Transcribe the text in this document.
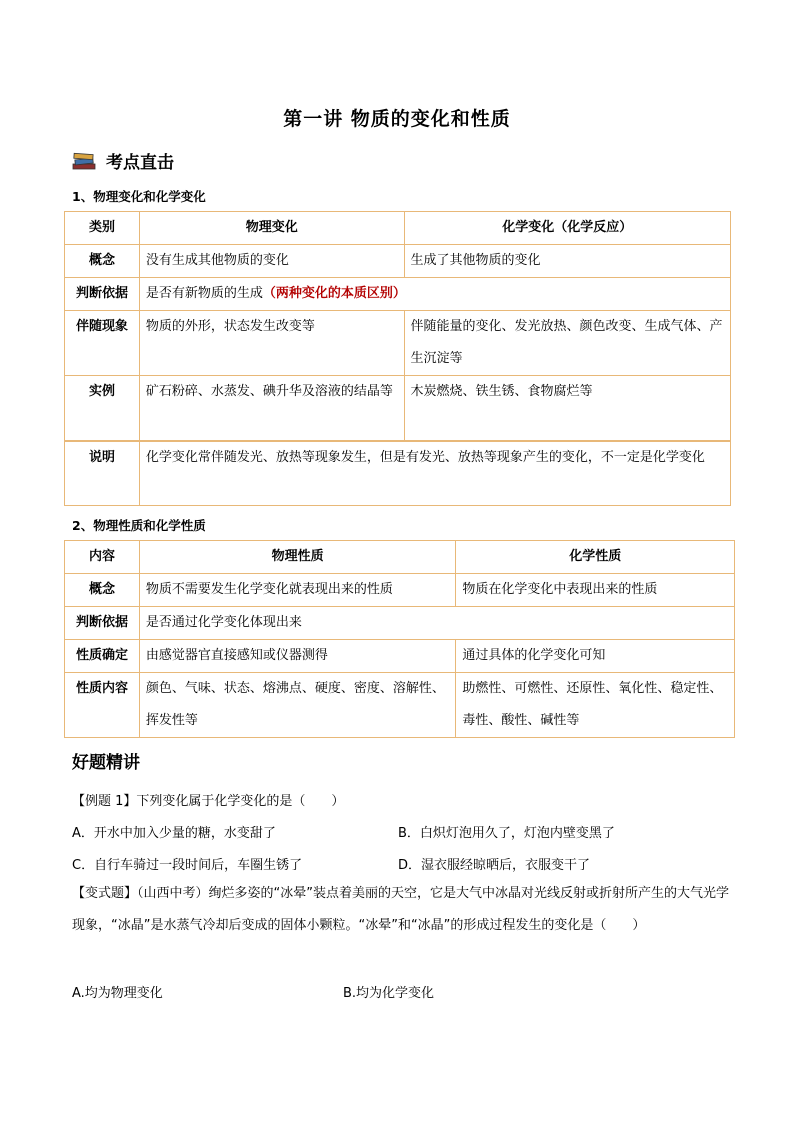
第一讲 物质的变化和性质
考点直击
1、物理变化和化学变化
类别	物理变化	化学变化（化学反应）
概念	没有生成其他物质的变化	生成了其他物质的变化
判断依据	是否有新物质的生成（两种变化的本质区别）	
伴随现象	物质的外形，状态发生改变等	伴随能量的变化、发光放热、颜色改变、生成气体、产生沉淀等
实例	矿石粉碎、水蒸发、碘升华及溶液的结晶等	木炭燃烧、铁生锈、食物腐烂等
说明	化学变化常伴随发光、放热等现象发生，但是有发光、放热等现象产生的变化，不一定是化学变化	
2、物理性质和化学性质
内容	物理性质	化学性质
概念	物质不需要发生化学变化就表现出来的性质	物质在化学变化中表现出来的性质
判断依据	是否通过化学变化体现出来	
性质确定	由感觉器官直接感知或仪器测得	通过具体的化学变化可知
性质内容	颜色、气味、状态、熔沸点、硬度、密度、溶解性、挥发性等	助燃性、可燃性、还原性、氧化性、稳定性、毒性、酸性、碱性等
好题精讲
【例题 1】下列变化属于化学变化的是（　　）
A．开水中加入少量的糖，水变甜了	B．白炽灯泡用久了，灯泡内壁变黑了
C．自行车骑过一段时间后，车圈生锈了	D．湿衣服经晾晒后，衣服变干了
【变式题】（山西中考）绚烂多姿的“冰晕”装点着美丽的天空，它是大气中冰晶对光线反射或折射所产生的大气光学现象，“冰晶”是水蒸气冷却后变成的固体小颗粒。“冰晕”和“冰晶”的形成过程发生的变化是（　　）
A.均为物理变化	B.均为化学变化
